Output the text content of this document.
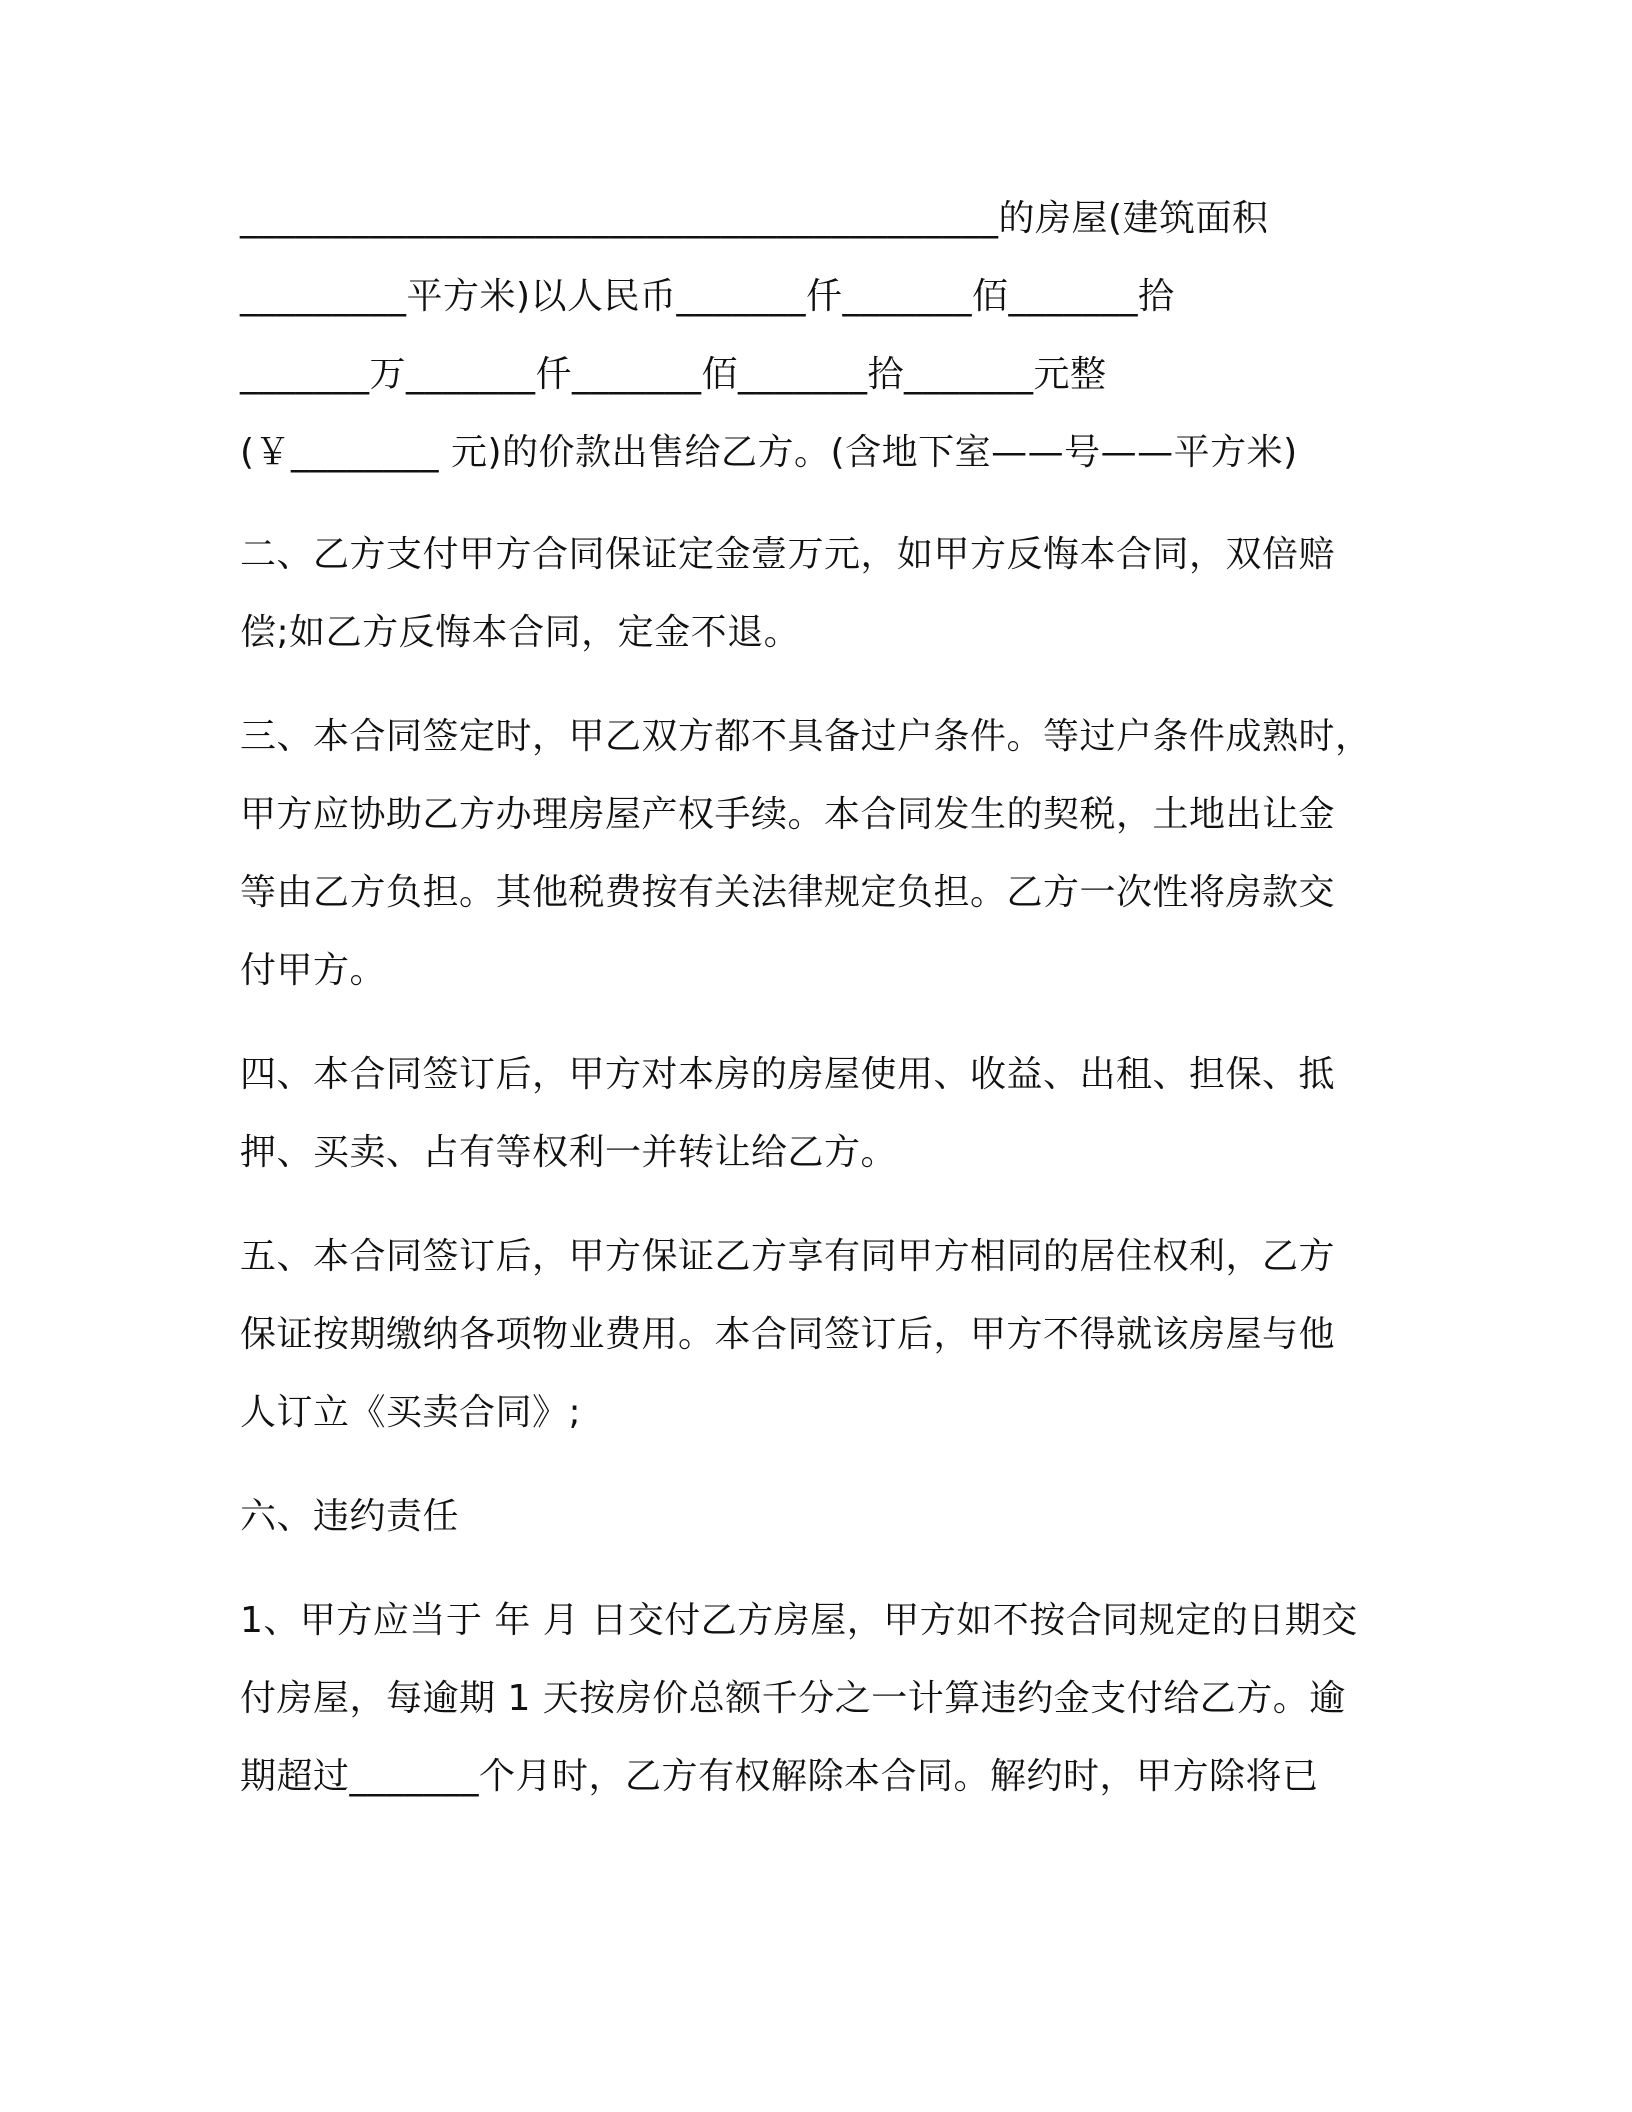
_________________________________________的房屋(建筑面积
_________平方米)以人民币_______仟_______佰_______拾
_______万_______仟_______佰_______拾_______元整
(￥________ 元)的价款出售给乙方。(含地下室——号——平方米)
二、乙方支付甲方合同保证定金壹万元，如甲方反悔本合同，双倍赔
偿;如乙方反悔本合同，定金不退。
三、本合同签定时，甲乙双方都不具备过户条件。等过户条件成熟时，
甲方应协助乙方办理房屋产权手续。本合同发生的契税，土地出让金
等由乙方负担。其他税费按有关法律规定负担。乙方一次性将房款交
付甲方。
四、本合同签订后，甲方对本房的房屋使用、收益、出租、担保、抵
押、买卖、占有等权利一并转让给乙方。
五、本合同签订后，甲方保证乙方享有同甲方相同的居住权利，乙方
保证按期缴纳各项物业费用。本合同签订后，甲方不得就该房屋与他
人订立《买卖合同》;
六、违约责任
1、甲方应当于 年 月 日交付乙方房屋，甲方如不按合同规定的日期交
付房屋，每逾期 1 天按房价总额千分之一计算违约金支付给乙方。逾
期超过_______个月时，乙方有权解除本合同。解约时，甲方除将已
